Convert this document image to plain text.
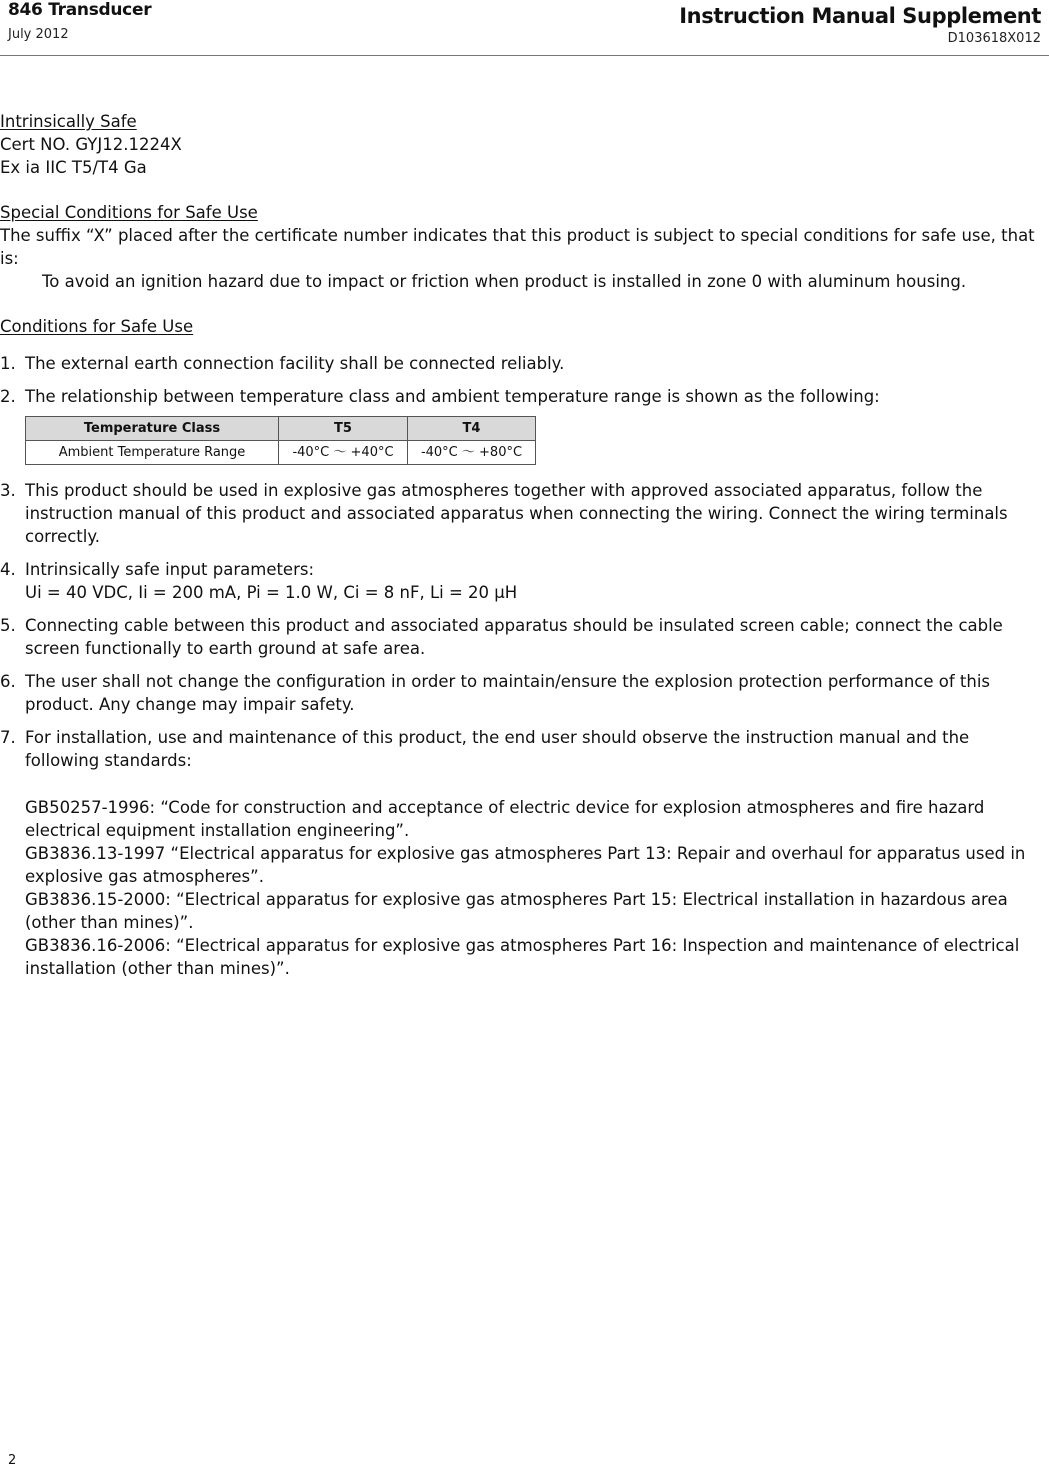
846 Transducer
July 2012
Instruction Manual Supplement
D103618X012

Intrinsically Safe

Cert NO. GYJ12.1224X

Ex ia IIC T5/T4 Ga

Special Conditions for Safe Use

The suffix “X” placed after the certificate number indicates that this product is subject to special conditions for safe use, that is:

To avoid an ignition hazard due to impact or friction when product is installed in zone 0 with aluminum housing.

Conditions for Safe Use

1. The external earth connection facility shall be connected reliably.
2. The relationship between temperature class and ambient temperature range is shown as the following:
Temperature Class	T5	T4
Ambient Temperature Range	-40°C ～ +40°C	-40°C ～ +80°C
3. This product should be used in explosive gas atmospheres together with approved associated apparatus, follow the instruction manual of this product and associated apparatus when connecting the wiring. Connect the wiring terminals correctly.
4. Intrinsically safe input parameters:
Ui = 40 VDC, Ii = 200 mA, Pi = 1.0 W, Ci = 8 nF, Li = 20 μH
5. Connecting cable between this product and associated apparatus should be insulated screen cable; connect the cable screen functionally to earth ground at safe area.
6. The user shall not change the configuration in order to maintain/ensure the explosion protection performance of this product. Any change may impair safety.
7. For installation, use and maintenance of this product, the end user should observe the instruction manual and the following standards:

GB50257-1996: “Code for construction and acceptance of electric device for explosion atmospheres and fire hazard electrical equipment installation engineering”.

GB3836.13-1997 “Electrical apparatus for explosive gas atmospheres Part 13: Repair and overhaul for apparatus used in explosive gas atmospheres”.

GB3836.15-2000: “Electrical apparatus for explosive gas atmospheres Part 15: Electrical installation in hazardous area (other than mines)”.

GB3836.16-2006: “Electrical apparatus for explosive gas atmospheres Part 16: Inspection and maintenance of electrical installation (other than mines)”.

2
